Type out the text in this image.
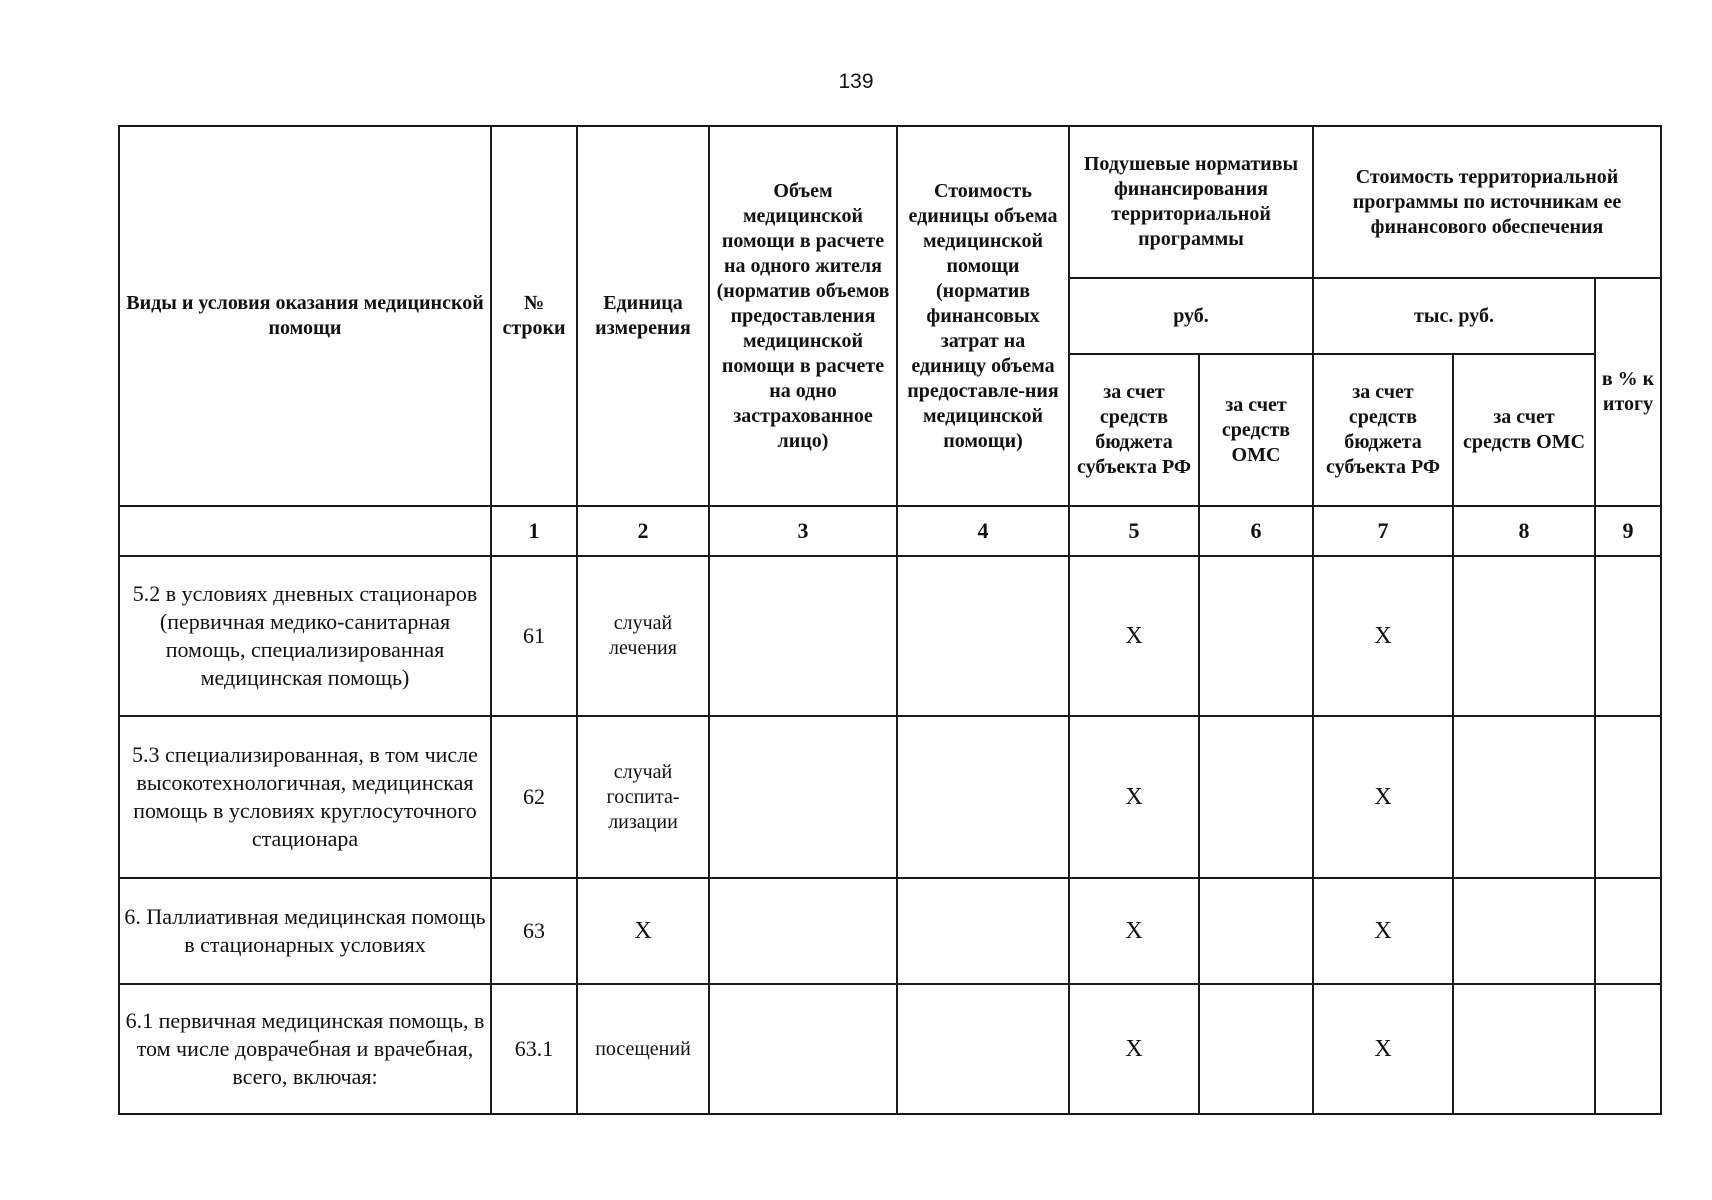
139
Виды и условия оказания медицинской помощи	№ строки	Единица измерения	Объем медицинской помощи в расчете на одного жителя (норматив объемов предоставления медицинской помощи в расчете на одно застрахованное лицо)	Стоимость единицы объема медицинской помощи (норматив финансовых затрат на единицу объема предоставле-ния медицинской помощи)	Подушевые нормативы финансирования территориальной программы		Стоимость территориальной программы по источникам ее финансового обеспечения		
					руб.		тыс. руб.		в % к итогу
					за счет средств бюджета субъекта РФ	за счет средств ОМС	за счет средств бюджета субъекта РФ	за счет средств ОМС	
	1	2	3	4	5	6	7	8	9
5.2 в условиях дневных стационаров (первичная медико-санитарная помощь, специализированная медицинская помощь)	61	случай лечения			Х		Х		
5.3 специализированная, в том числе высокотехнологичная, медицинская помощь в условиях круглосуточного стационара	62	случай госпита-лизации			Х		Х		
6. Паллиативная медицинская помощь в стационарных условиях	63	Х			Х		Х		
6.1 первичная медицинская помощь, в том числе доврачебная и врачебная, всего, включая:	63.1	посещений			Х		Х		
